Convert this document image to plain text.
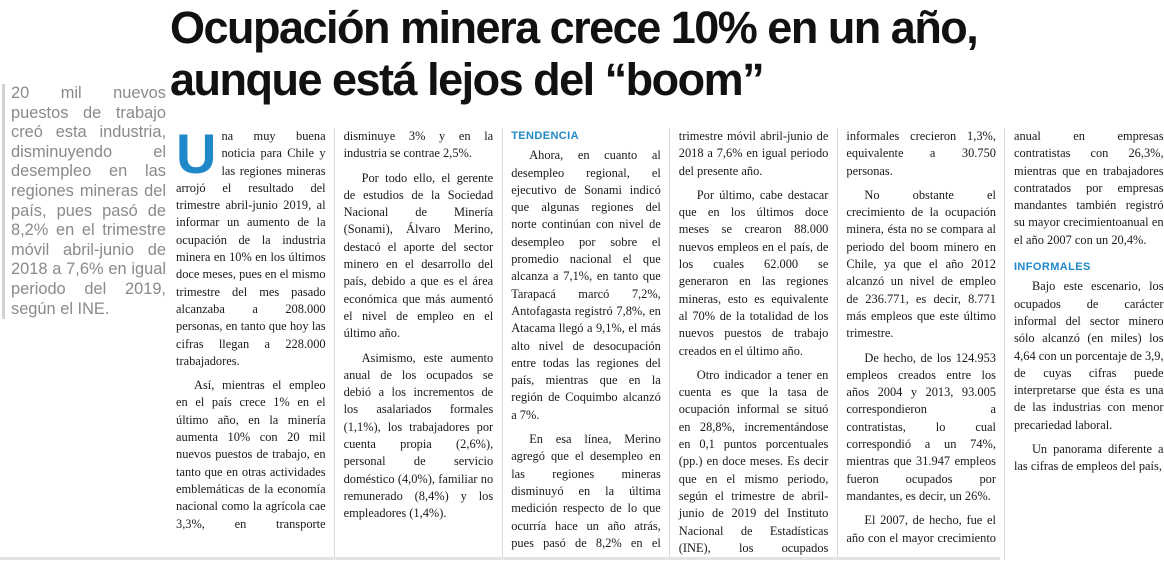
Ocupación minera crece 10% en un año, aunque está lejos del “boom”
20 mil nuevos puestos de trabajo creó esta industria, disminuyendo el desempleo en las regiones mineras del país, pues pasó de 8,2% en el trimestre móvil abril-junio de 2018 a 7,6% en igual periodo del 2019, según el INE.

Una muy buena noticia para Chile y las regiones mineras arrojó el resultado del trimestre abril-junio 2019, al informar un aumento de la ocupación de la industria minera en 10% en los últimos doce meses, pues en el mismo trimestre del mes pasado alcanzaba a 208.000 personas, en tanto que hoy las cifras llegan a 228.000 trabajadores.

Así, mientras el empleo en el país crece 1% en el último año, en la minería aumenta 10% con 20 mil nuevos puestos de trabajo, en tanto que en otras actividades emblemáticas de la economía nacional como la agrícola cae 3,3%, en transporte disminuye 3% y en la industria se contrae 2,5%.

Por todo ello, el gerente de estudios de la Sociedad Nacional de Minería (Sonami), Álvaro Merino, destacó el aporte del sector minero en el desarrollo del país, debido a que es el área económica que más aumentó el nivel de empleo en el último año.

Asimismo, este aumento anual de los ocupados se debió a los incrementos de los asalariados formales (1,1%), los trabajadores por cuenta propia (2,6%), personal de servicio doméstico (4,0%), familiar no remunerado (8,4%) y los empleadores (1,4%).

TENDENCIA

Ahora, en cuanto al desempleo regional, el ejecutivo de Sonami indicó que algunas regiones del norte continúan con nivel de desempleo por sobre el promedio nacional el que alcanza a 7,1%, en tanto que Tarapacá marcó 7,2%, Antofagasta registró 7,8%, en Atacama llegó a 9,1%, el más alto nivel de desocupación entre todas las regiones del país, mientras que en la región de Coquimbo alcanzó a 7%.

En esa línea, Merino agregó que el desempleo en las regiones mineras disminuyó en la última medición respecto de lo que ocurría hace un año atrás, pues pasó de 8,2% en el trimestre móvil abril-junio de 2018 a 7,6% en igual periodo del presente año.

Por último, cabe destacar que en los últimos doce meses se crearon 88.000 nuevos empleos en el país, de los cuales 62.000 se generaron en las regiones mineras, esto es equivalente al 70% de la totalidad de los nuevos puestos de trabajo creados en el último año.

Otro indicador a tener en cuenta es que la tasa de ocupación informal se situó en 28,8%, incrementándose en 0,1 puntos porcentuales (pp.) en doce meses. Es decir que en el mismo periodo, según el trimestre de abril-junio de 2019 del Instituto Nacional de Estadísticas (INE), los ocupados informales crecieron 1,3%, equivalente a 30.750 personas.

No obstante el crecimiento de la ocupación minera, ésta no se compara al periodo del boom minero en Chile, ya que el año 2012 alcanzó un nivel de empleo de 236.771, es decir, 8.771 más empleos que este último trimestre.

De hecho, de los 124.953 empleos creados entre los años 2004 y 2013, 93.005 correspondieron a contratistas, lo cual correspondió a un 74%, mientras que 31.947 empleos fueron ocupados por mandantes, es decir, un 26%.

El 2007, de hecho, fue el año con el mayor crecimiento anual en empresas contratistas con 26,3%, mientras que en trabajadores contratados por empresas mandantes también registró su mayor crecimientoanual en el año 2007 con un 20,4%.

INFORMALES

Bajo este escenario, los ocupados de carácter informal del sector minero sólo alcanzó (en miles) los 4,64 con un porcentaje de 3,9, de cuyas cifras puede interpretarse que ésta es una de las industrias con menor precariedad laboral.

Un panorama diferente a las cifras de empleos del país,
